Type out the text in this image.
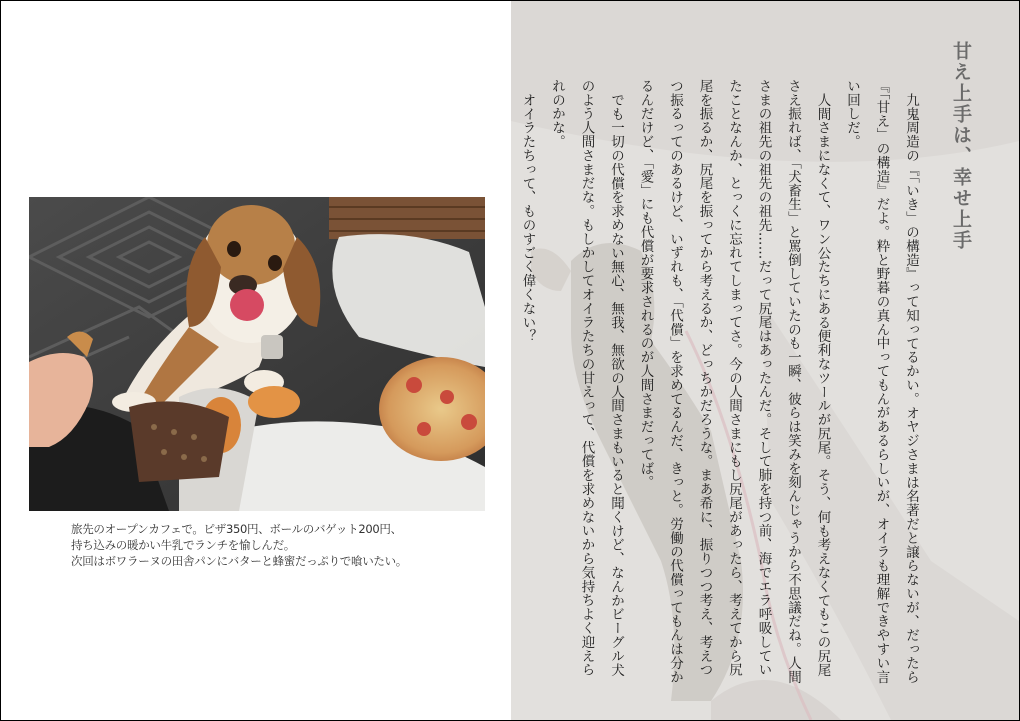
旅先のオープンカフェで。ピザ350円、ボールのバゲット200円、
持ち込みの暖かい牛乳でランチを愉しんだ。
次回はボワラーヌの田舎パンにバターと蜂蜜だっぷりで喰いたい。
甘え上手は、幸せ上手

九鬼周造の『「いき」の構造』って知ってるかい。オヤジさまは名著だと譲らないが、だったら『「甘え」の構造』だよ。粋と野暮の真ん中ってもんがあるらしいが、オイラも理解できやすい言い回しだ。

人間さまになくて、ワン公たちにある便利なツールが尻尾。そう、何も考えなくてもこの尻尾さえ振れば、「犬畜生」と罵倒していたのも一瞬、彼らは笑みを刻んじゃうから不思議だね。人間さまの祖先の祖先の祖先……だって尻尾はあったんだ。そして肺を持つ前、海でエラ呼吸していたことなんか、とっくに忘れてしまってさ。今の人間さまにもし尻尾があったら、考えてから尻尾を振るか、尻尾を振ってから考えるか、どっちかだろうな。まあ希に、振りつつ考え、考えつつ振るってのあるけど、いずれも、「代償」を求めてるんだ、きっと。労働の代償ってもんは分かるんだけど、「愛」にも代償が要求されるのが人間さまだってば。

でも一切の代償を求めない無心、無我、無欲の人間さまもいると聞くけど、なんかビーグル犬のよう人間さまだな。もしかしてオイラたちの甘えって、代償を求めないから気持ちよく迎えられのかな。

オイラたちって、ものすごく偉くない？
